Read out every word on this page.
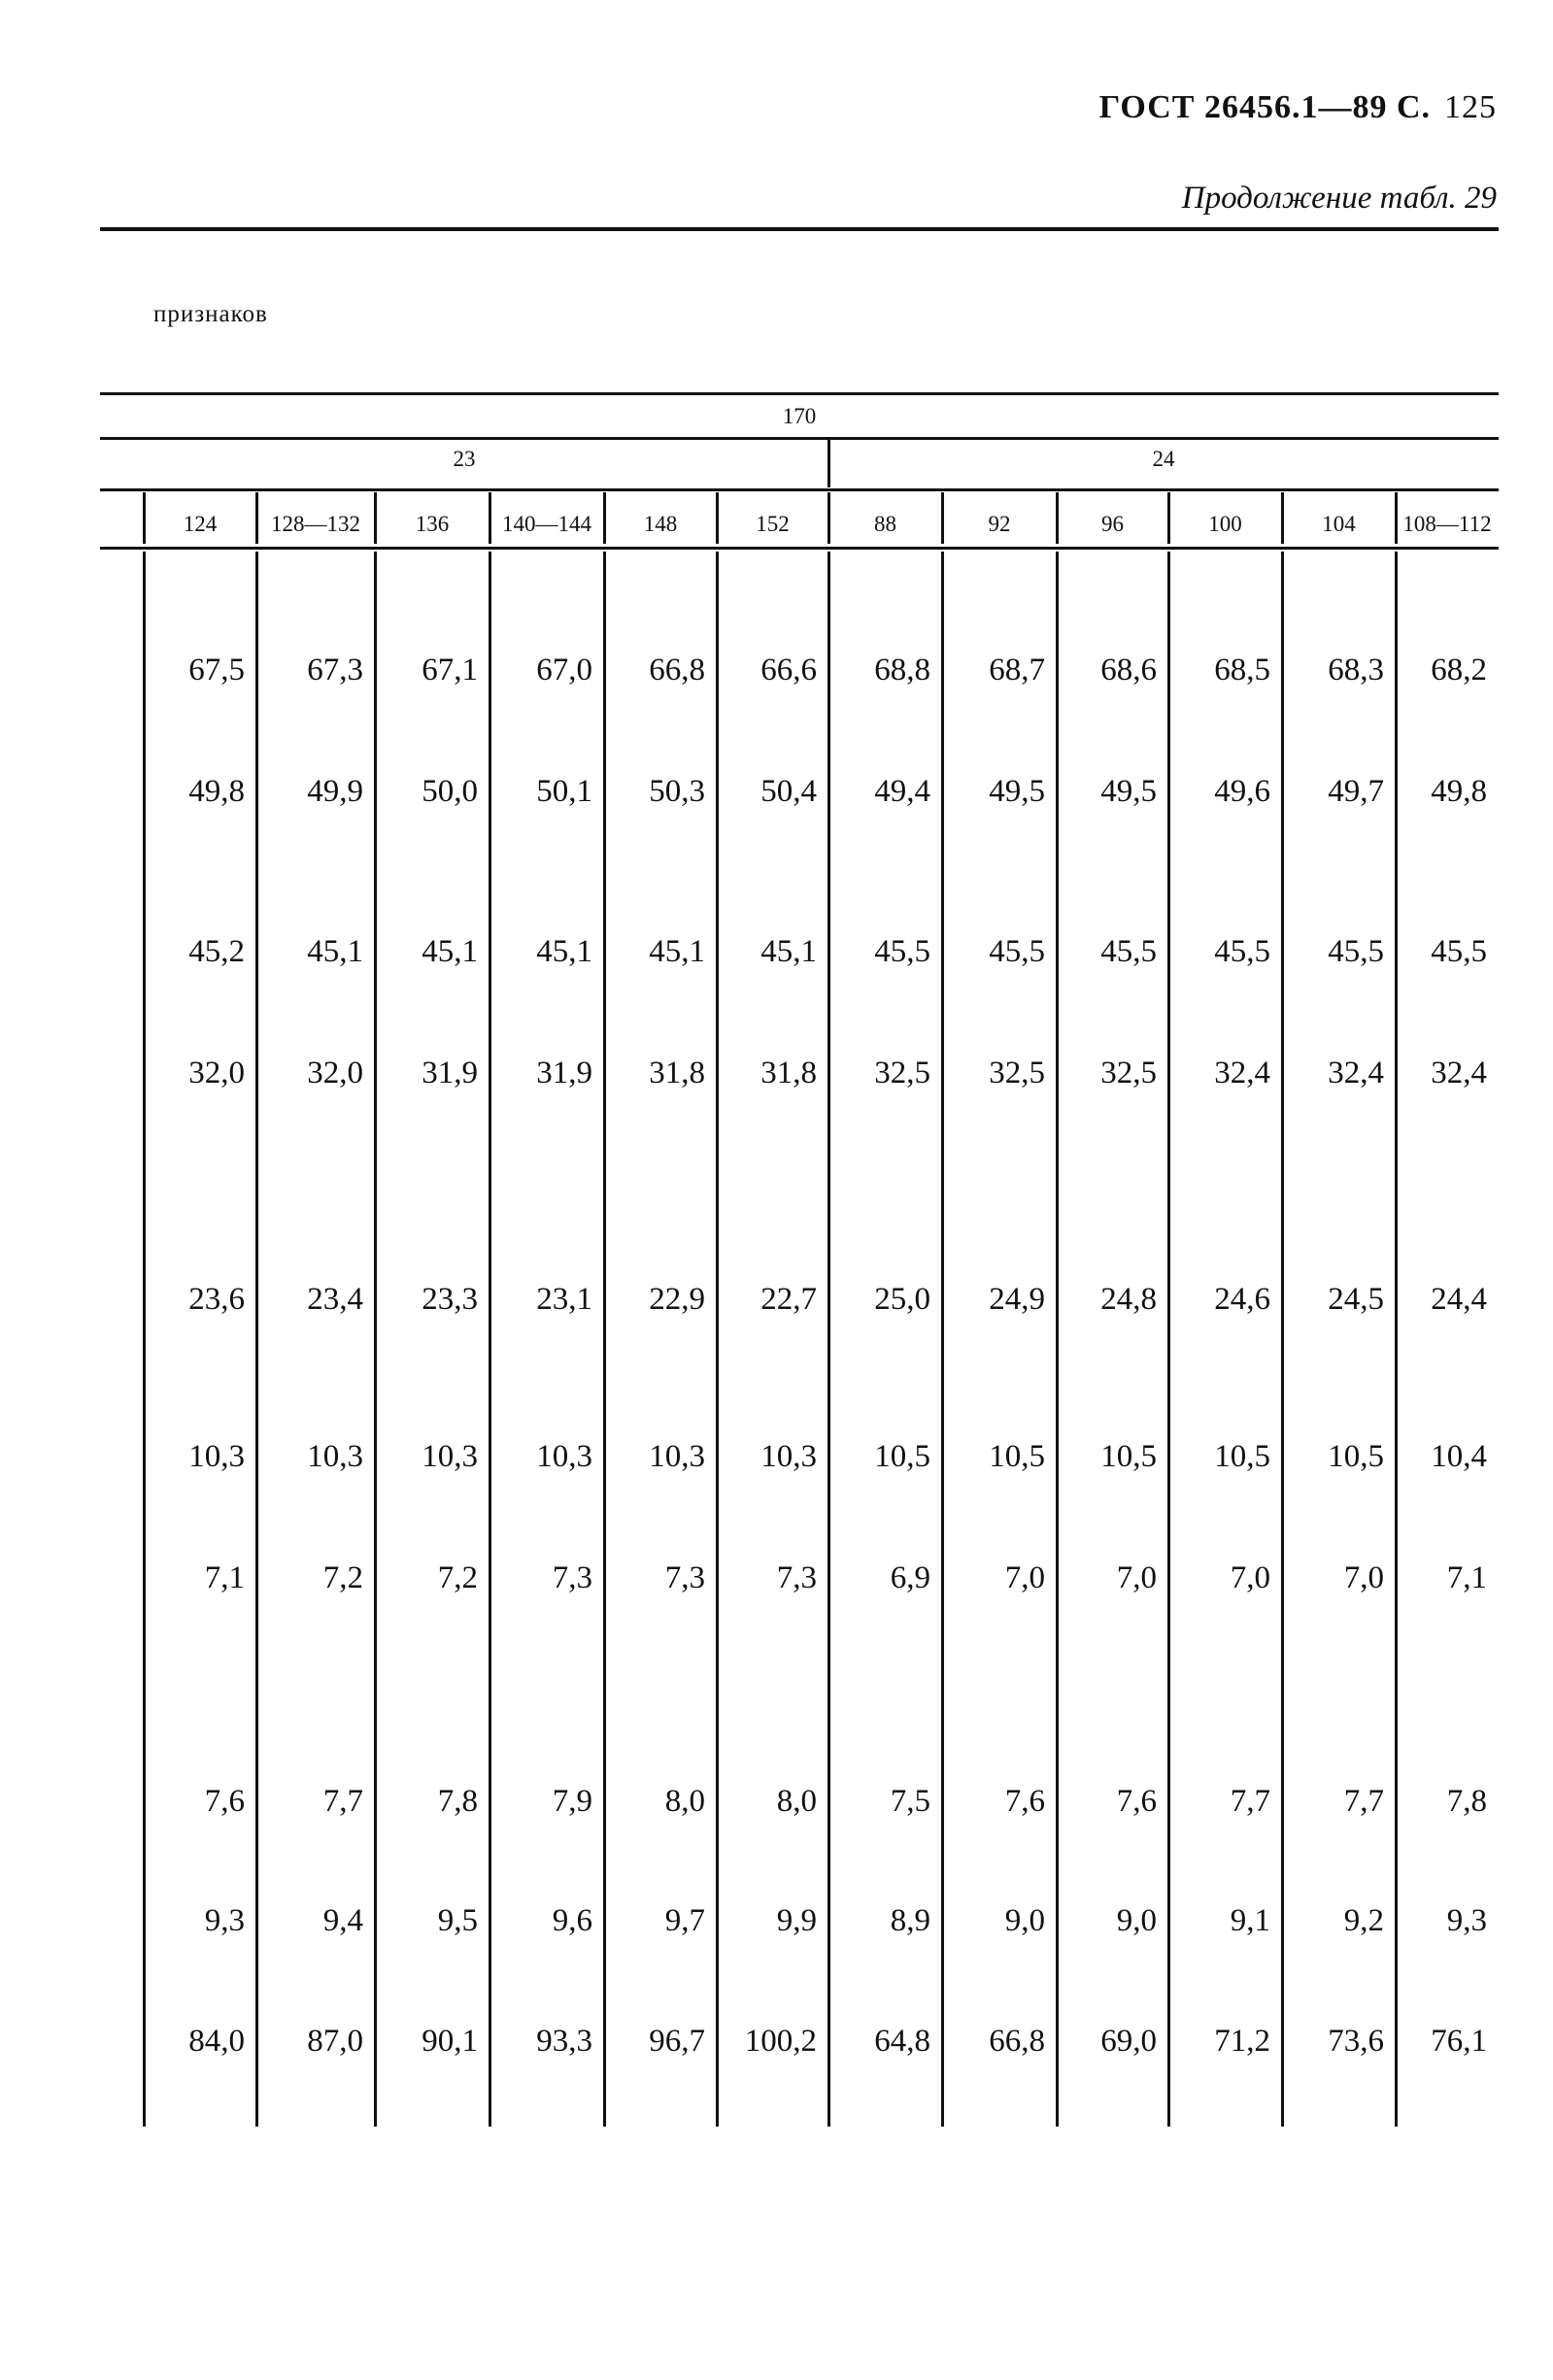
ГОСТ 26456.1—89 С. 125
Продолжение табл. 29
признаков
170
23	24
124	128—132	136	140—144	148	152	88	92	96	100	104	108—112
67,5	67,3	67,1	67,0	66,8	66,6	68,8	68,7	68,6	68,5	68,3	68,2
49,8	49,9	50,0	50,1	50,3	50,4	49,4	49,5	49,5	49,6	49,7	49,8
45,2	45,1	45,1	45,1	45,1	45,1	45,5	45,5	45,5	45,5	45,5	45,5
32,0	32,0	31,9	31,9	31,8	31,8	32,5	32,5	32,5	32,4	32,4	32,4
23,6	23,4	23,3	23,1	22,9	22,7	25,0	24,9	24,8	24,6	24,5	24,4
10,3	10,3	10,3	10,3	10,3	10,3	10,5	10,5	10,5	10,5	10,5	10,4
7,1	7,2	7,2	7,3	7,3	7,3	6,9	7,0	7,0	7,0	7,0	7,1
7,6	7,7	7,8	7,9	8,0	8,0	7,5	7,6	7,6	7,7	7,7	7,8
9,3	9,4	9,5	9,6	9,7	9,9	8,9	9,0	9,0	9,1	9,2	9,3
84,0	87,0	90,1	93,3	96,7	100,2	64,8	66,8	69,0	71,2	73,6	76,1
